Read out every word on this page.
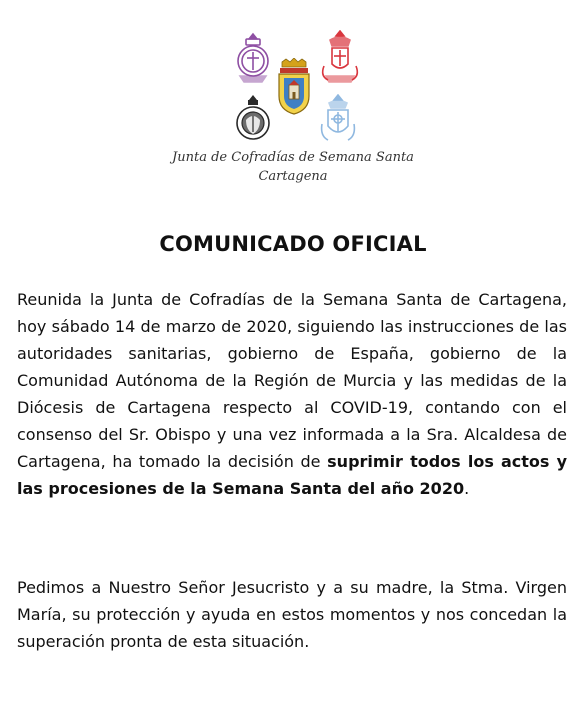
Junta de Cofradías de Semana Santa
Cartagena
COMUNICADO OFICIAL
Reunida la Junta de Cofradías de la Semana Santa de Cartagena, hoy sábado 14 de marzo de 2020, siguiendo las instrucciones de las autoridades sanitarias, gobierno de España, gobierno de la Comunidad Autónoma de la Región de Murcia y las medidas de la Diócesis de Cartagena respecto al COVID-19, contando con el consenso del Sr. Obispo y una vez informada a la Sra. Alcaldesa de Cartagena, ha tomado la decisión de suprimir todos los actos y las procesiones de la Semana Santa del año 2020.
Pedimos a Nuestro Señor Jesucristo y a su madre, la Stma. Virgen María, su protección y ayuda en estos momentos y nos concedan la superación pronta de esta situación.
